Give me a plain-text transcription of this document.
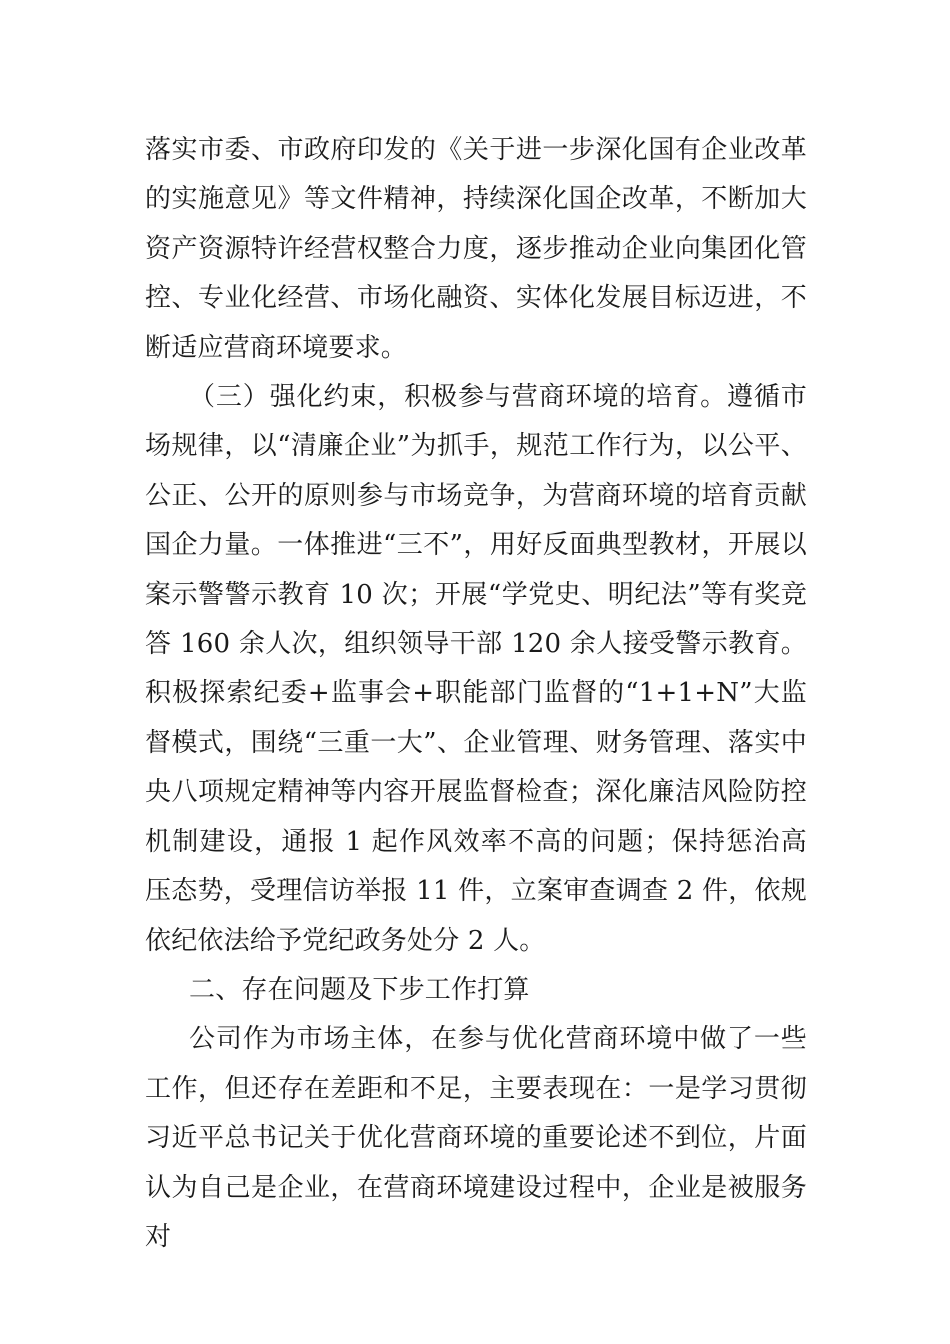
落实市委、市政府印发的《关于进一步深化国有企业改革的实施意见》等文件精神，持续深化国企改革，不断加大资产资源特许经营权整合力度，逐步推动企业向集团化管控、专业化经营、市场化融资、实体化发展目标迈进，不断适应营商环境要求。

（三）强化约束，积极参与营商环境的培育。遵循市场规律，以“清廉企业”为抓手，规范工作行为，以公平、公正、公开的原则参与市场竞争，为营商环境的培育贡献国企力量。一体推进“三不”，用好反面典型教材，开展以案示警警示教育 10 次；开展“学党史、明纪法”等有奖竞答 160 余人次，组织领导干部 120 余人接受警示教育。积极探索纪委+监事会+职能部门监督的“1+1+N”大监督模式，围绕“三重一大”、企业管理、财务管理、落实中央八项规定精神等内容开展监督检查；深化廉洁风险防控机制建设，通报 1 起作风效率不高的问题；保持惩治高压态势，受理信访举报 11 件，立案审查调查 2 件，依规依纪依法给予党纪政务处分 2 人。

二、存在问题及下步工作打算

公司作为市场主体，在参与优化营商环境中做了一些工作，但还存在差距和不足，主要表现在：一是学习贯彻习近平总书记关于优化营商环境的重要论述不到位，片面认为自己是企业，在营商环境建设过程中，企业是被服务对
